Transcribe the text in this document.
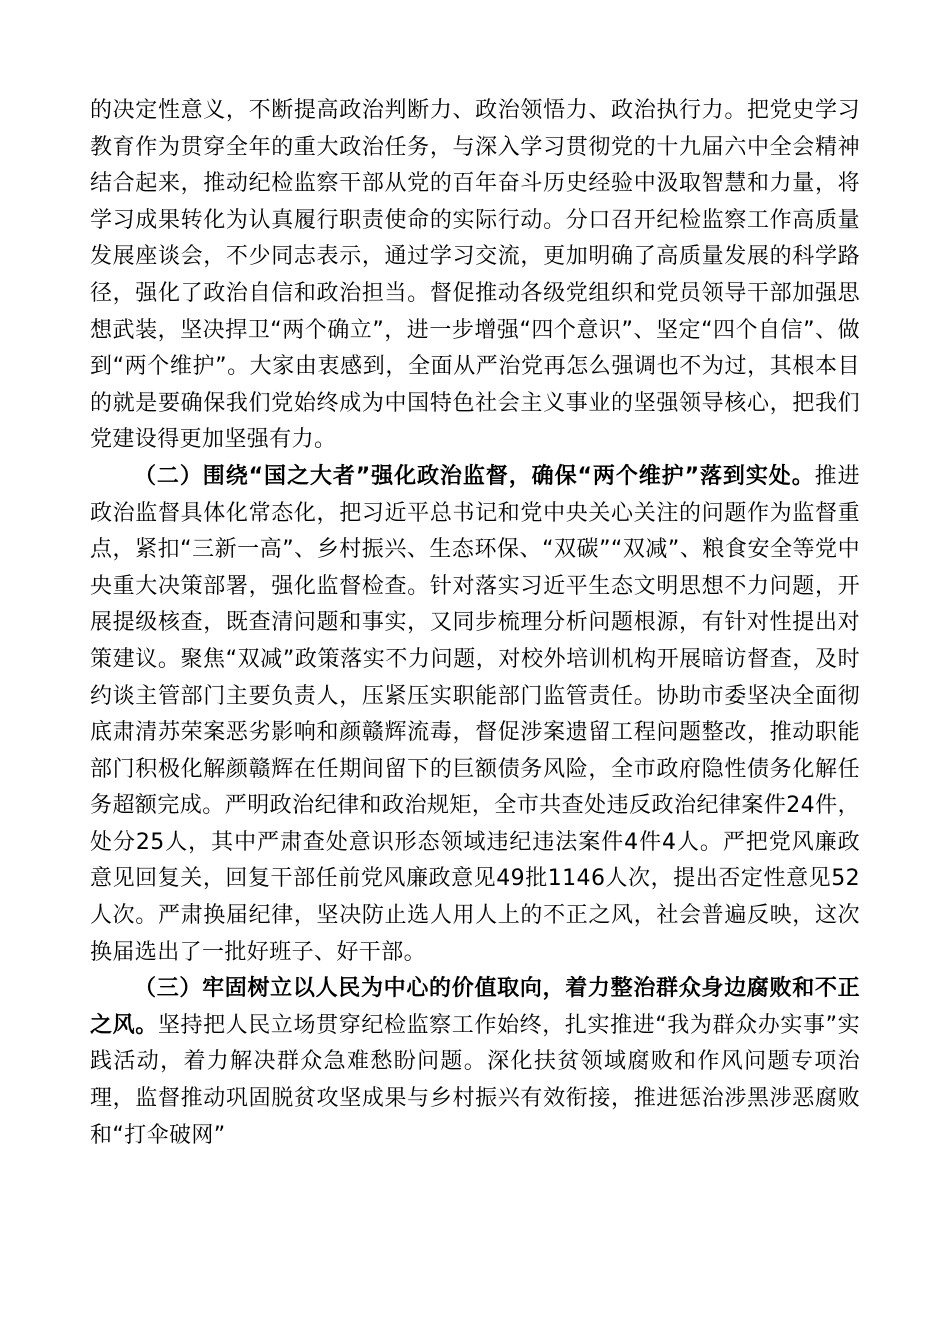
的决定性意义，不断提高政治判断力、政治领悟力、政治执行力。把党史学习教育作为贯穿全年的重大政治任务，与深入学习贯彻党的十九届六中全会精神结合起来，推动纪检监察干部从党的百年奋斗历史经验中汲取智慧和力量，将学习成果转化为认真履行职责使命的实际行动。分口召开纪检监察工作高质量发展座谈会，不少同志表示，通过学习交流，更加明确了高质量发展的科学路径，强化了政治自信和政治担当。督促推动各级党组织和党员领导干部加强思想武装，坚决捍卫“两个确立”，进一步增强“四个意识”、坚定“四个自信”、做到“两个维护”。大家由衷感到，全面从严治党再怎么强调也不为过，其根本目的就是要确保我们党始终成为中国特色社会主义事业的坚强领导核心，把我们党建设得更加坚强有力。

（二）围绕“国之大者”强化政治监督，确保“两个维护”落到实处。推进政治监督具体化常态化，把习近平总书记和党中央关心关注的问题作为监督重点，紧扣“三新一高”、乡村振兴、生态环保、“双碳”“双减”、粮食安全等党中央重大决策部署，强化监督检查。针对落实习近平生态文明思想不力问题，开展提级核查，既查清问题和事实，又同步梳理分析问题根源，有针对性提出对策建议。聚焦“双减”政策落实不力问题，对校外培训机构开展暗访督查，及时约谈主管部门主要负责人，压紧压实职能部门监管责任。协助市委坚决全面彻底肃清苏荣案恶劣影响和颜赣辉流毒，督促涉案遗留工程问题整改，推动职能部门积极化解颜赣辉在任期间留下的巨额债务风险，全市政府隐性债务化解任务超额完成。严明政治纪律和政治规矩，全市共查处违反政治纪律案件24件，处分25人，其中严肃查处意识形态领域违纪违法案件4件4人。严把党风廉政意见回复关，回复干部任前党风廉政意见49批1146人次，提出否定性意见52人次。严肃换届纪律，坚决防止选人用人上的不正之风，社会普遍反映，这次换届选出了一批好班子、好干部。

（三）牢固树立以人民为中心的价值取向，着力整治群众身边腐败和不正之风。坚持把人民立场贯穿纪检监察工作始终，扎实推进“我为群众办实事”实践活动，着力解决群众急难愁盼问题。深化扶贫领域腐败和作风问题专项治理，监督推动巩固脱贫攻坚成果与乡村振兴有效衔接，推进惩治涉黑涉恶腐败和“打伞破网”
